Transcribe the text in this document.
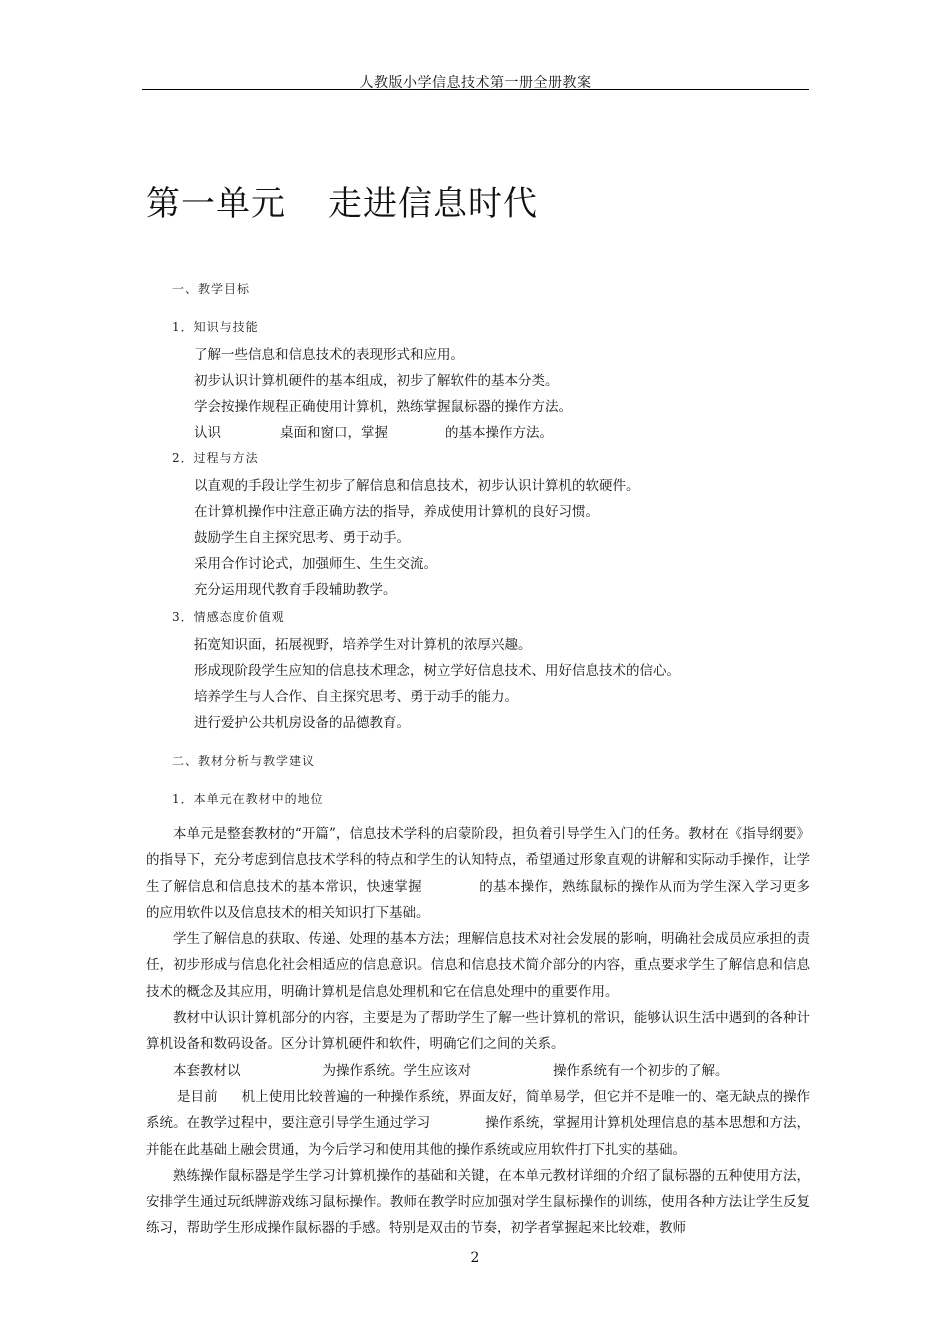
人教版小学信息技术第一册全册教案
第一单元 走进信息时代
一、教学目标
1．知识与技能
了解一些信息和信息技术的表现形式和应用。
初步认识计算机硬件的基本组成，初步了解软件的基本分类。
学会按操作规程正确使用计算机，熟练掌握鼠标器的操作方法。
认识	桌面和窗口，掌握	的基本操作方法。
2．过程与方法
以直观的手段让学生初步了解信息和信息技术，初步认识计算机的软硬件。
在计算机操作中注意正确方法的指导，养成使用计算机的良好习惯。
鼓励学生自主探究思考、勇于动手。
采用合作讨论式，加强师生、生生交流。
充分运用现代教育手段辅助教学。
3．情感态度价值观
拓宽知识面，拓展视野，培养学生对计算机的浓厚兴趣。
形成现阶段学生应知的信息技术理念，树立学好信息技术、用好信息技术的信心。
培养学生与人合作、自主探究思考、勇于动手的能力。
进行爱护公共机房设备的品德教育。
二、教材分析与教学建议
1．本单元在教材中的地位

本单元是整套教材的“开篇”，信息技术学科的启蒙阶段，担负着引导学生入门的任务。教材在《指导纲要》的指导下，充分考虑到信息技术学科的特点和学生的认知特点，希望通过形象直观的讲解和实际动手操作，让学生了解信息和信息技术的基本常识，快速掌握	的基本操作，熟练鼠标的操作从而为学生深入学习更多的应用软件以及信息技术的相关知识打下基础。

学生了解信息的获取、传递、处理的基本方法；理解信息技术对社会发展的影响，明确社会成员应承担的责任，初步形成与信息化社会相适应的信息意识。信息和信息技术简介部分的内容，重点要求学生了解信息和信息技术的概念及其应用，明确计算机是信息处理机和它在信息处理中的重要作用。

教材中认识计算机部分的内容，主要是为了帮助学生了解一些计算机的常识，能够认识生活中遇到的各种计算机设备和数码设备。区分计算机硬件和软件，明确它们之间的关系。

本套教材以	为操作系统。学生应该对	操作系统有一个初步的了解。

是目前 机上使用比较普遍的一种操作系统，界面友好，简单易学，但它并不是唯一的、毫无缺点的操作系统。在教学过程中，要注意引导学生通过学习	操作系统，掌握用计算机处理信息的基本思想和方法，并能在此基础上融会贯通，为今后学习和使用其他的操作系统或应用软件打下扎实的基础。

熟练操作鼠标器是学生学习计算机操作的基础和关键，在本单元教材详细的介绍了鼠标器的五种使用方法，安排学生通过玩纸牌游戏练习鼠标操作。教师在教学时应加强对学生鼠标操作的训练，使用各种方法让学生反复练习，帮助学生形成操作鼠标器的手感。特别是双击的节奏，初学者掌握起来比较难，教师

2
